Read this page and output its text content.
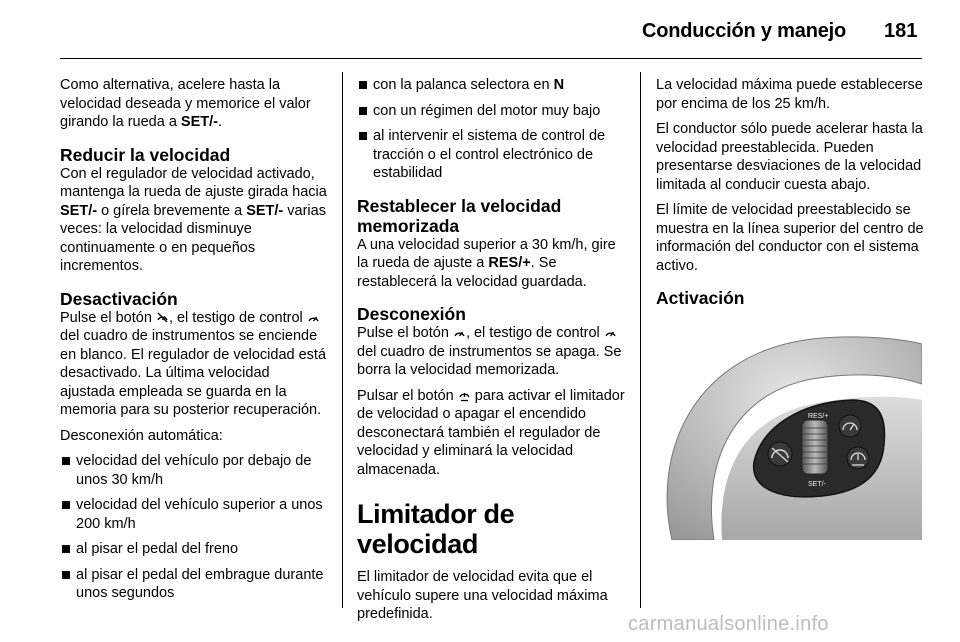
Conducción y manejo 181

Como alternativa, acelere hasta la velocidad deseada y memorice el valor girando la rueda a SET/-.

Reducir la velocidad

Con el regulador de velocidad activado, mantenga la rueda de ajuste girada hacia SET/- o gírela brevemente a SET/- varias veces: la velocidad disminuye continuamente o en pequeños incrementos.

Desactivación

Pulse el botón , el testigo de control  del cuadro de instrumentos se enciende en blanco. El regulador de velocidad está desactivado. La última velocidad ajustada empleada se guarda en la memoria para su posterior recuperación.

Desconexión automática:

velocidad del vehículo por debajo de unos 30 km/h
velocidad del vehículo superior a unos 200 km/h
al pisar el pedal del freno
al pisar el pedal del embrague durante unos segundos
con la palanca selectora en N
con un régimen del motor muy bajo
al intervenir el sistema de control de tracción o el control electrónico de estabilidad
Restablecer la velocidad memorizada

A una velocidad superior a 30 km/h, gire la rueda de ajuste a RES/+. Se restablecerá la velocidad guardada.

Desconexión

Pulse el botón , el testigo de control  del cuadro de instrumentos se apaga. Se borra la velocidad memorizada.

Pulsar el botón  para activar el limitador de velocidad o apagar el encendido desconectará también el regulador de velocidad y eliminará la velocidad almacenada.

Limitador de velocidad

El limitador de velocidad evita que el vehículo supere una velocidad máxima predefinida.

La velocidad máxima puede establecerse por encima de los 25 km/h.

El conductor sólo puede acelerar hasta la velocidad preestablecida. Pueden presentarse desviaciones de la velocidad limitada al conducir cuesta abajo.

El límite de velocidad preestablecido se muestra en la línea superior del centro de información del conductor con el sistema activo.

Activación
RES/+
SET/-
carmanualsonline.info
